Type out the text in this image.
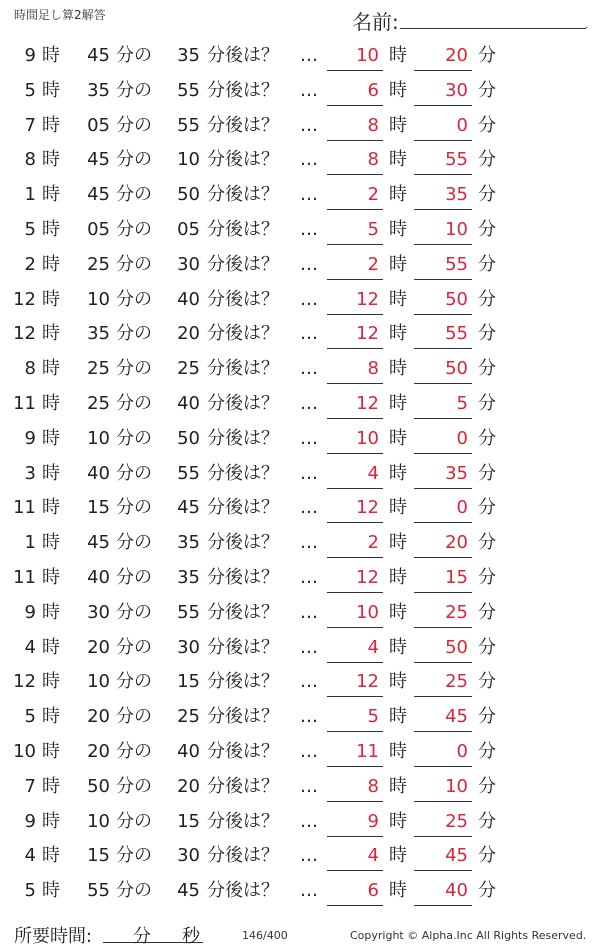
時間足し算2解答	名前:	.
9 時	45 分の	35 分後は？ …	10 時	20 分
5 時	35 分の	55 分後は？ …	6 時	30 分
7 時	05 分の	55 分後は？ …	8 時	0 分
8 時	45 分の	10 分後は？ …	8 時	55 分
1 時	45 分の	50 分後は？ …	2 時	35 分
5 時	05 分の	05 分後は？ …	5 時	10 分
2 時	25 分の	30 分後は？ …	2 時	55 分
12 時	10 分の	40 分後は？ …	12 時	50 分
12 時	35 分の	20 分後は？ …	12 時	55 分
8 時	25 分の	25 分後は？ …	8 時	50 分
11 時	25 分の	40 分後は？ …	12 時	5 分
9 時	10 分の	50 分後は？ …	10 時	0 分
3 時	40 分の	55 分後は？ …	4 時	35 分
11 時	15 分の	45 分後は？ …	12 時	0 分
1 時	45 分の	35 分後は？ …	2 時	20 分
11 時	40 分の	35 分後は？ …	12 時	15 分
9 時	30 分の	55 分後は？ …	10 時	25 分
4 時	20 分の	30 分後は？ …	4 時	50 分
12 時	10 分の	15 分後は？ …	12 時	25 分
5 時	20 分の	25 分後は？ …	5 時	45 分
10 時	20 分の	40 分後は？ …	11 時	0 分
7 時	50 分の	20 分後は？ …	8 時	10 分
9 時	10 分の	15 分後は？ …	9 時	25 分
4 時	15 分の	30 分後は？ …	4 時	45 分
5 時	55 分の	45 分後は？ …	6 時	40 分
所要時間: 分 秒	146/400	Copyright © Alpha.Inc All Rights Reserved.
